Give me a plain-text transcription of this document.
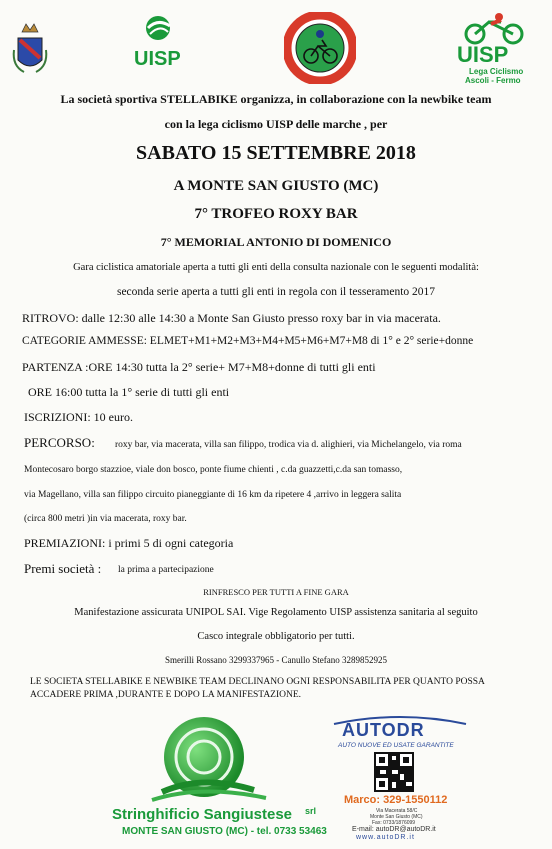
UISP	UISP
Lega Ciclismo
Ascoli - Fermo
La società sportiva STELLABIKE organizza, in collaborazione con la newbike team
con la lega ciclismo UISP delle marche , per
SABATO 15 SETTEMBRE 2018
A MONTE SAN GIUSTO (MC)
7° TROFEO ROXY BAR
7° MEMORIAL ANTONIO DI DOMENICO
Gara ciclistica amatoriale aperta a tutti gli enti della consulta nazionale con le seguenti modalità:
seconda serie aperta a tutti gli enti in regola con il tesseramento 2017
RITROVO: dalle 12:30 alle 14:30 a Monte San Giusto presso roxy bar in via macerata.
CATEGORIE AMMESSE: ELMET+M1+M2+M3+M4+M5+M6+M7+M8 di 1° e 2° serie+donne
PARTENZA :ORE 14:30 tutta la 2° serie+ M7+M8+donne di tutti gli enti
ORE 16:00 tutta la 1° serie di tutti gli enti
ISCRIZIONI: 10 euro.
PERCORSO: roxy bar, via macerata, villa san filippo, trodica via d. alighieri, via Michelangelo, via roma
Montecosaro borgo stazzioe, viale don bosco, ponte fiume chienti , c.da guazzetti,c.da san tomasso,
via Magellano, villa san filippo circuito pianeggiante di 16 km da ripetere 4 ,arrivo in leggera salita
(circa 800 metri )in via macerata, roxy bar.
PREMIAZIONI: i primi 5 di ogni categoria
Premi società : la prima a partecipazione
RINFRESCO PER TUTTI A FINE GARA
Manifestazione assicurata UNIPOL SAI. Vige Regolamento UISP assistenza sanitaria al seguito
Casco integrale obbligatorio per tutti.
Smerilli Rossano 3299337965 - Canullo Stefano 3289852925
LE SOCIETA STELLABIKE E NEWBIKE TEAM DECLINANO OGNI RESPONSABILITA PER QUANTO POSSA ACCADERE PRIMA ,DURANTE E DOPO LA MANIFESTAZIONE.
Stringhificio Sangiustese srl
MONTE SAN GIUSTO (MC) - tel. 0733 53463
AUTODR
AUTO NUOVE ED USATE GARANTITE
Marco: 329-1550112
Via Macerata 58/C
Monte San Giusto (MC)
Fax: 0733/1876099
E-mail: autoDR@autoDR.it
www.autoDR.it
